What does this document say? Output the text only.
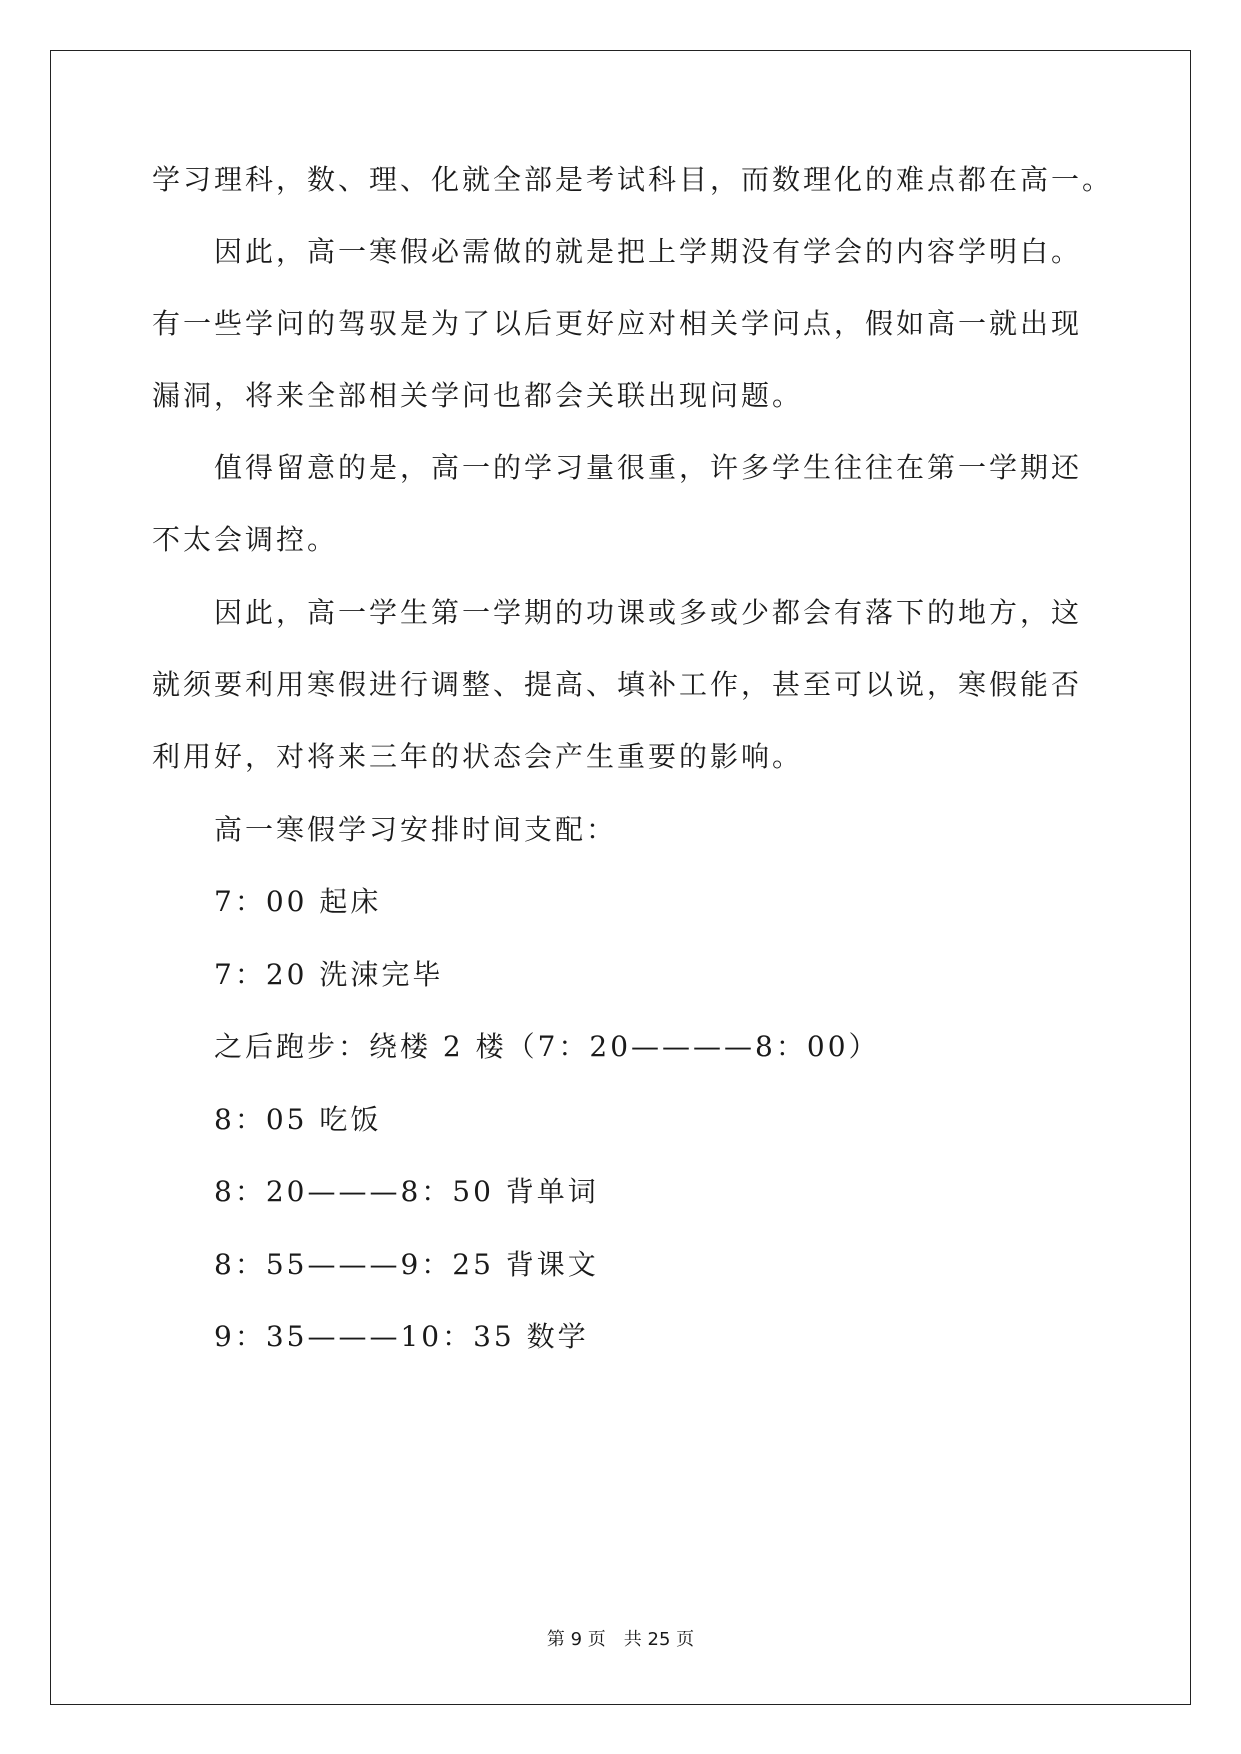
学习理科，数、理、化就全部是考试科目，而数理化的难点都在高一。
因此，高一寒假必需做的就是把上学期没有学会的内容学明白。
有一些学问的驾驭是为了以后更好应对相关学问点，假如高一就出现
漏洞，将来全部相关学问也都会关联出现问题。
值得留意的是，高一的学习量很重，许多学生往往在第一学期还
不太会调控。
因此，高一学生第一学期的功课或多或少都会有落下的地方，这
就须要利用寒假进行调整、提高、填补工作，甚至可以说，寒假能否
利用好，对将来三年的状态会产生重要的影响。
高一寒假学习安排时间支配：
7：00 起床
7：20 洗涑完毕
之后跑步：绕楼 2 楼（7：20————8：00）
8：05 吃饭
8：20———8：50 背单词
8：55———9：25 背课文
9：35———10：35 数学
第 9 页　共 25 页
